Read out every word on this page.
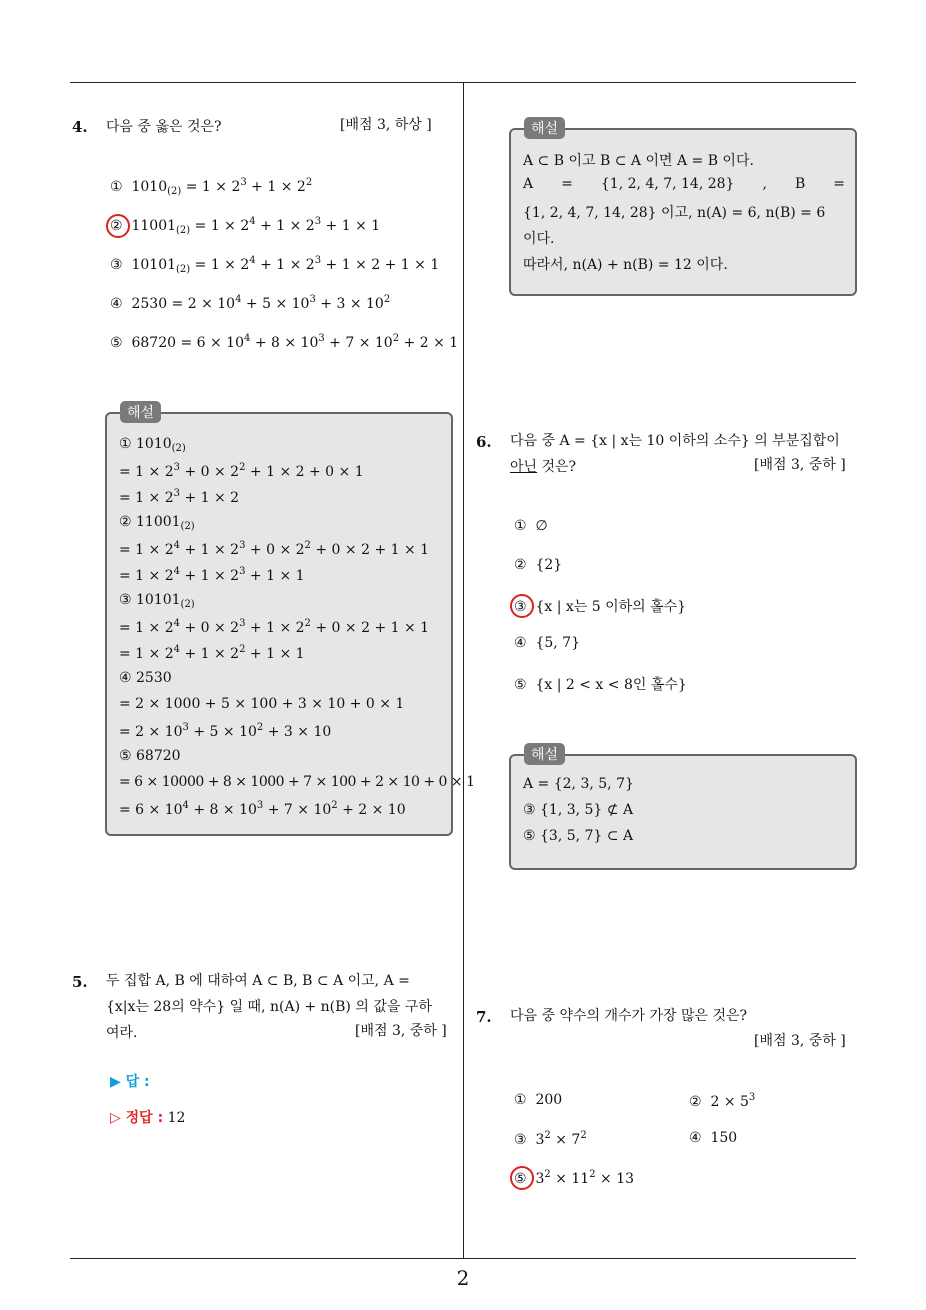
4. 다음 중 옳은 것은?	[배점 3, 하상 ]
① $1010_{(2)} = 1 \times 2^3 + 1 \times 2^2$
② $11001_{(2)} = 1 \times 2^4 + 1 \times 2^3 + 1 \times 1$
③ $10101_{(2)} = 1 \times 2^4 + 1 \times 2^3 + 1 \times 2 + 1 \times 1$
④ $2530 = 2 \times 10^4 + 5 \times 10^3 + 3 \times 10^2$
⑤ $68720 = 6 \times 10^4 + 8 \times 10^3 + 7 \times 10^2 + 2 \times 1$
해설
① $1010_{(2)}$
= $1 \times 2^3 + 0 \times 2^2 + 1 \times 2 + 0 \times 1$
= $1 \times 2^3 + 1 \times 2$
② $11001_{(2)}$
= $1 \times 2^4 + 1 \times 2^3 + 0 \times 2^2 + 0 \times 2 + 1 \times 1$
= $1 \times 2^4 + 1 \times 2^3 + 1 \times 1$
③ $10101_{(2)}$
= $1 \times 2^4 + 0 \times 2^3 + 1 \times 2^2 + 0 \times 2 + 1 \times 1$
= $1 \times 2^4 + 1 \times 2^2 + 1 \times 1$
④ 2530
= 2 × 1000 + 5 × 100 + 3 × 10 + 0 × 1
= $2 \times 10^3 + 5 \times 10^2 + 3 \times 10$
⑤ 68720
= 6 × 10000 + 8 × 1000 + 7 × 100 + 2 × 10 + 0 × 1
= $6 \times 10^4 + 8 \times 10^3 + 7 \times 10^2 + 2 \times 10$
5. 두 집합 A, B 에 대하여 A ⊂ B, B ⊂ A 이고, A =
{x|x는 28의 약수} 일 때, n(A) + n(B) 의 값을 구하
여라.	[배점 3, 중하 ]
▶ 답 :
▷ 정답 : 12
해설
A ⊂ B 이고 B ⊂ A 이면 A = B 이다.
A = {1, 2, 4, 7, 14, 28} , B =
{1, 2, 4, 7, 14, 28} 이고, n(A) = 6, n(B) = 6
이다.
따라서, n(A) + n(B) = 12 이다.
6. 다음 중 A = {x | x는 10 이하의 소수} 의 부분집합이
아닌 것은?	[배점 3, 중하 ]
① ∅
② {2}
③ {x | x는 5 이하의 홀수}
④ {5, 7}
⑤ {x | 2 < x < 8인 홀수}
해설
A = {2, 3, 5, 7}
③ {1, 3, 5} ⊄ A
⑤ {3, 5, 7} ⊂ A
7. 다음 중 약수의 개수가 가장 많은 것은?
[배점 3, 중하 ]
① 200	② $2 \times 5^3$
③ $3^2 \times 7^2$	④ 150
⑤ $3^2 \times 11^2 \times 13$
2
